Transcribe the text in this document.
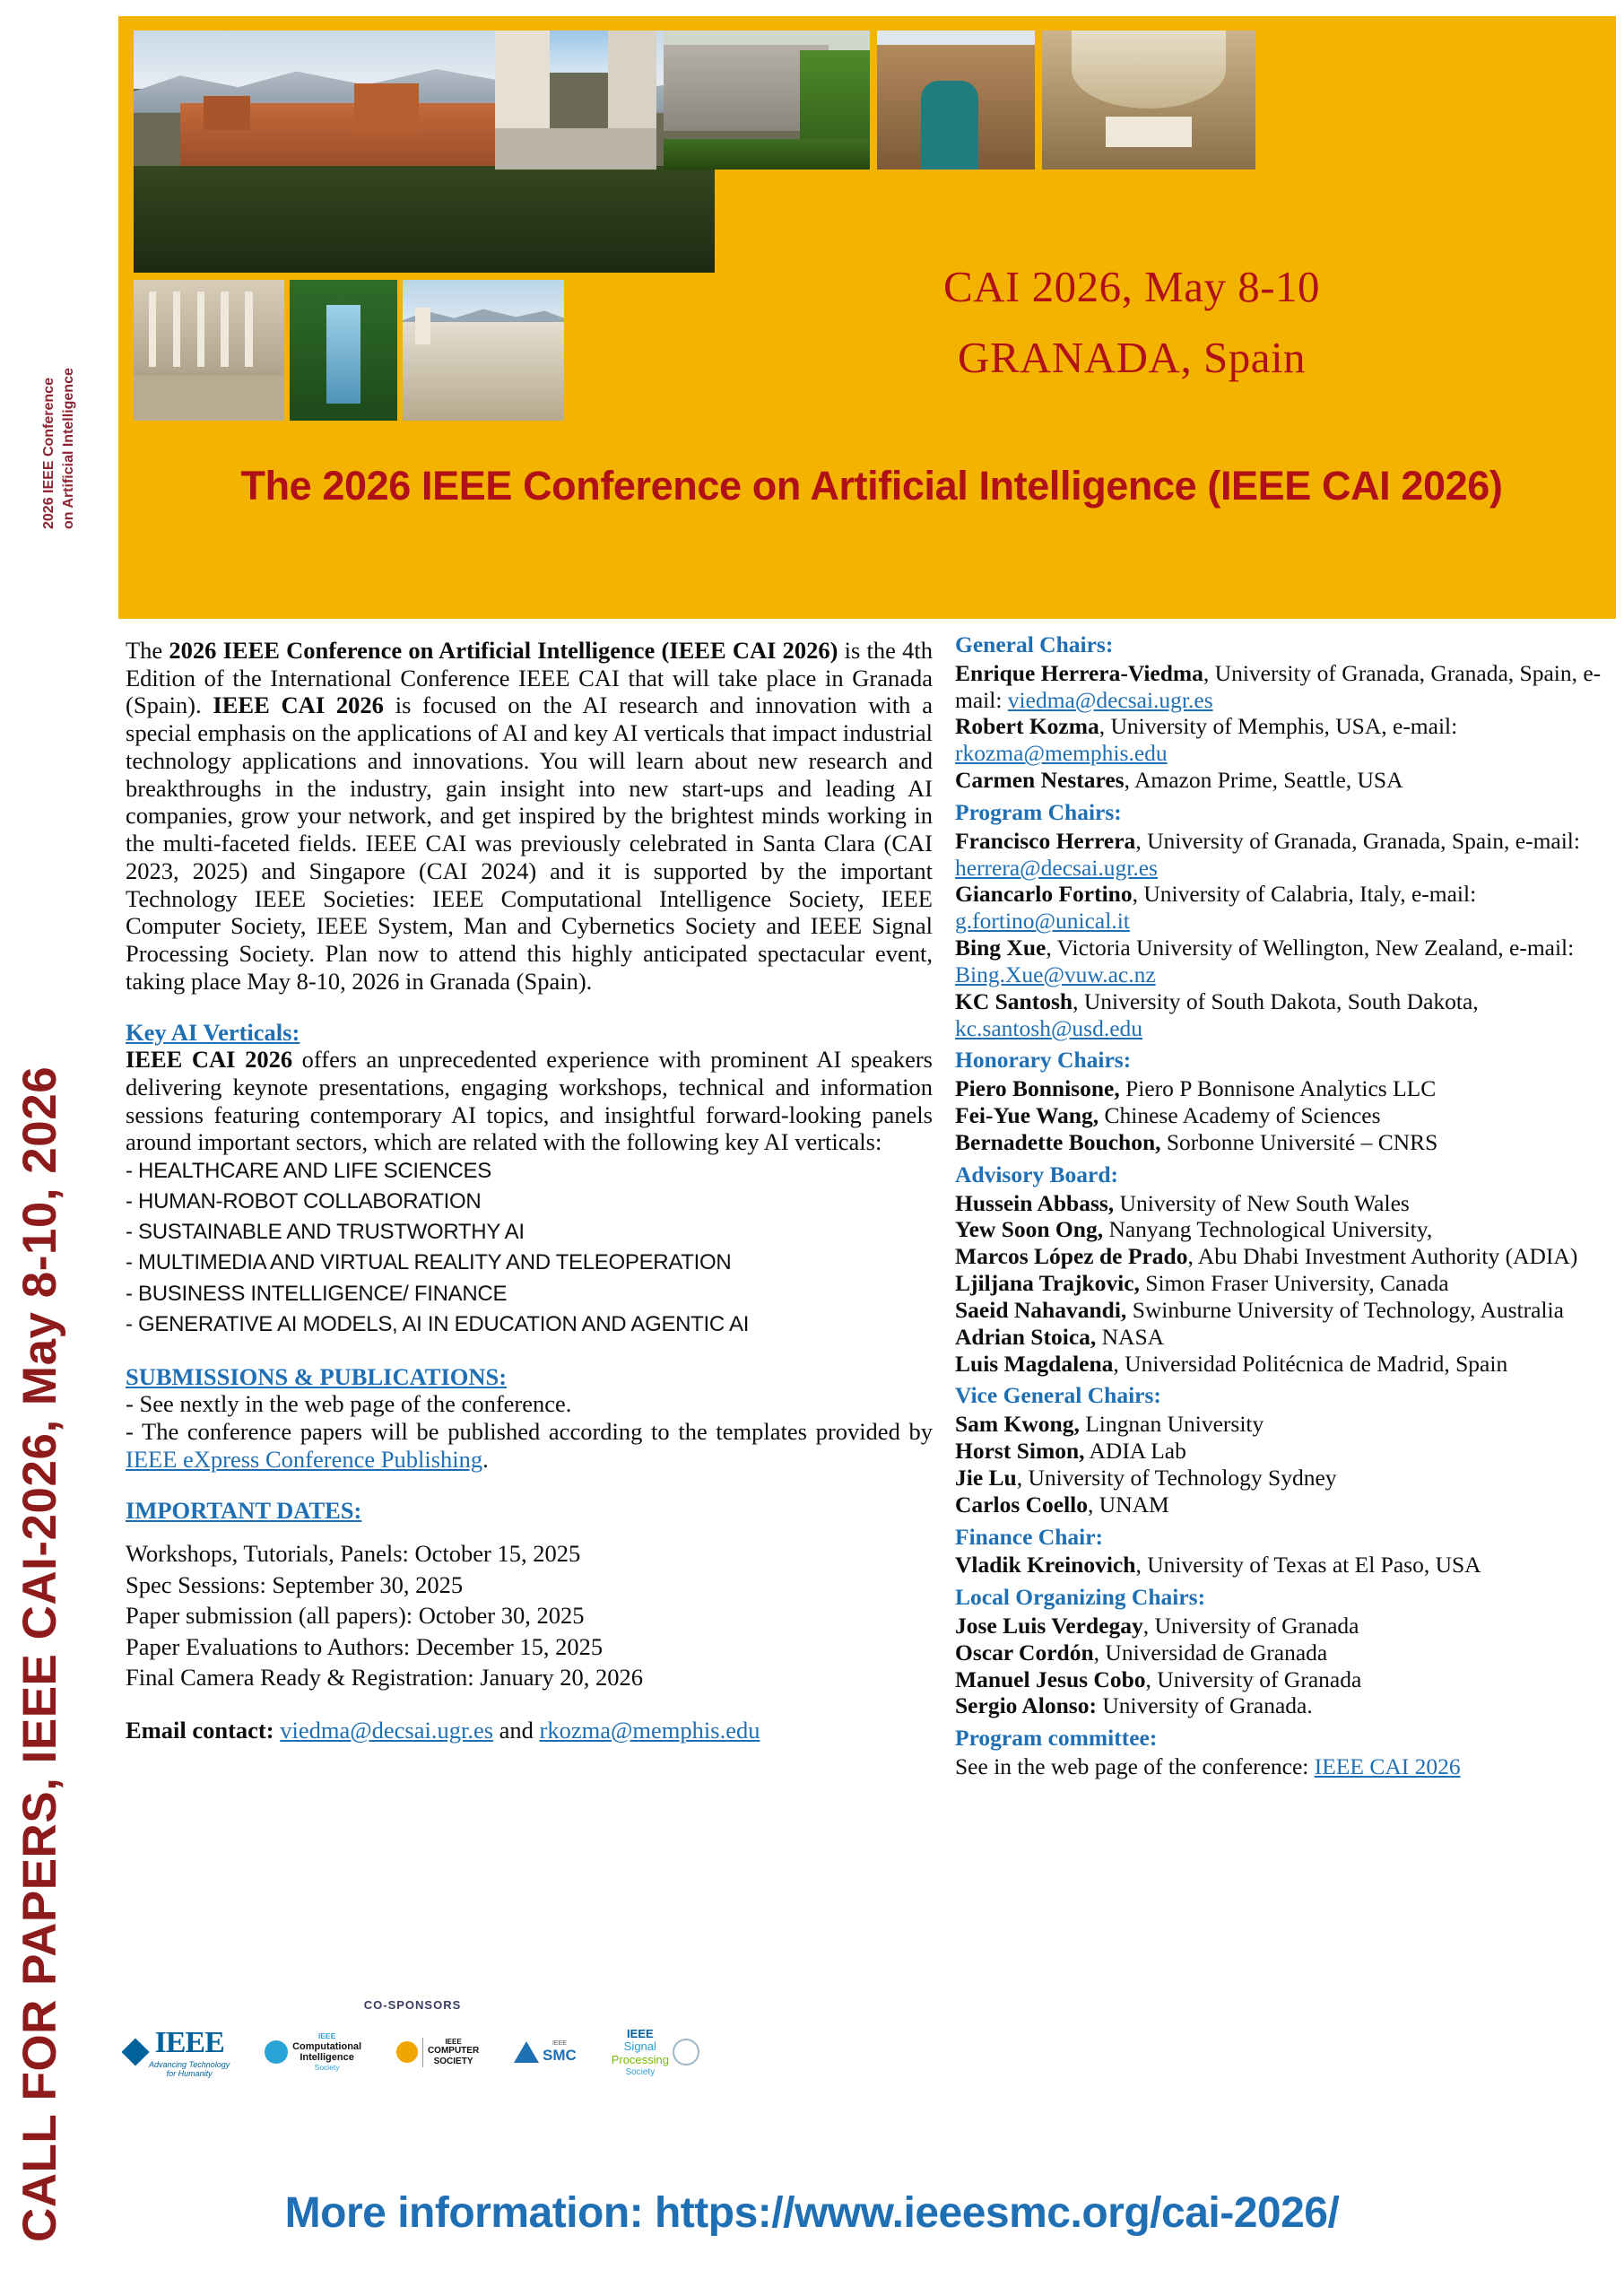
2026 IEEE Conference on Artificial Intelligence
CALL FOR PAPERS, IEEE CAI-2026, May 8-10, 2026
CAI 2026, May 8-10
GRANADA, Spain
The 2026 IEEE Conference on Artificial Intelligence (IEEE CAI 2026)

The 2026 IEEE Conference on Artificial Intelligence (IEEE CAI 2026) is the 4th Edition of the International Conference IEEE CAI that will take place in Granada (Spain). IEEE CAI 2026 is focused on the AI research and innovation with a special emphasis on the applications of AI and key AI verticals that impact industrial technology applications and innovations. You will learn about new research and breakthroughs in the industry, gain insight into new start-ups and leading AI companies, grow your network, and get inspired by the brightest minds working in the multi-faceted fields. IEEE CAI was previously celebrated in Santa Clara (CAI 2023, 2025) and Singapore (CAI 2024) and it is supported by the important Technology IEEE Societies: IEEE Computational Intelligence Society, IEEE Computer Society, IEEE System, Man and Cybernetics Society and IEEE Signal Processing Society. Plan now to attend this highly anticipated spectacular event, taking place May 8-10, 2026 in Granada (Spain).

Key AI Verticals:

IEEE CAI 2026 offers an unprecedented experience with prominent AI speakers delivering keynote presentations, engaging workshops, technical and information sessions featuring contemporary AI topics, and insightful forward-looking panels around important sectors, which are related with the following key AI verticals:

- HEALTHCARE AND LIFE SCIENCES
- HUMAN-ROBOT COLLABORATION
- SUSTAINABLE AND TRUSTWORTHY AI
- MULTIMEDIA AND VIRTUAL REALITY AND TELEOPERATION
- BUSINESS INTELLIGENCE/ FINANCE
- GENERATIVE AI MODELS, AI IN EDUCATION AND AGENTIC AI
SUBMISSIONS & PUBLICATIONS:
- See nextly in the web page of the conference.
- The conference papers will be published according to the templates provided by IEEE eXpress Conference Publishing.
IMPORTANT DATES:
Workshops, Tutorials, Panels: October 15, 2025
Spec Sessions: September 30, 2025
Paper submission (all papers): October 30, 2025
Paper Evaluations to Authors: December 15, 2025
Final Camera Ready & Registration: January 20, 2026
Email contact: viedma@decsai.ugr.es and rkozma@memphis.edu
General Chairs:
Enrique Herrera-Viedma, University of Granada, Granada, Spain, e-mail: viedma@decsai.ugr.es
Robert Kozma, University of Memphis, USA, e-mail: rkozma@memphis.edu
Carmen Nestares, Amazon Prime, Seattle, USA
Program Chairs:
Francisco Herrera, University of Granada, Granada, Spain, e-mail: herrera@decsai.ugr.es
Giancarlo Fortino, University of Calabria, Italy, e-mail: g.fortino@unical.it
Bing Xue, Victoria University of Wellington, New Zealand, e-mail: Bing.Xue@vuw.ac.nz
KC Santosh, University of South Dakota, South Dakota, kc.santosh@usd.edu
Honorary Chairs:
Piero Bonnisone, Piero P Bonnisone Analytics LLC
Fei-Yue Wang, Chinese Academy of Sciences
Bernadette Bouchon, Sorbonne Université – CNRS
Advisory Board:
Hussein Abbass, University of New South Wales
Yew Soon Ong, Nanyang Technological University,
Marcos López de Prado, Abu Dhabi Investment Authority (ADIA)
Ljiljana Trajkovic, Simon Fraser University, Canada
Saeid Nahavandi, Swinburne University of Technology, Australia
Adrian Stoica, NASA
Luis Magdalena, Universidad Politécnica de Madrid, Spain
Vice General Chairs:
Sam Kwong, Lingnan University
Horst Simon, ADIA Lab
Jie Lu, University of Technology Sydney
Carlos Coello, UNAM
Finance Chair:
Vladik Kreinovich, University of Texas at El Paso, USA
Local Organizing Chairs:
Jose Luis Verdegay, University of Granada
Oscar Cordón, Universidad de Granada
Manuel Jesus Cobo, University of Granada
Sergio Alonso: University of Granada.
Program committee:
See in the web page of the conference: IEEE CAI 2026
CO-SPONSORS
IEEE
Advancing Technology
for Humanity
IEEE
Computational
Intelligence
Society
IEEE
COMPUTER
SOCIETY
IEEE
SMC
IEEE
Signal
Processing
Society
More information: https://www.ieeesmc.org/cai-2026/
